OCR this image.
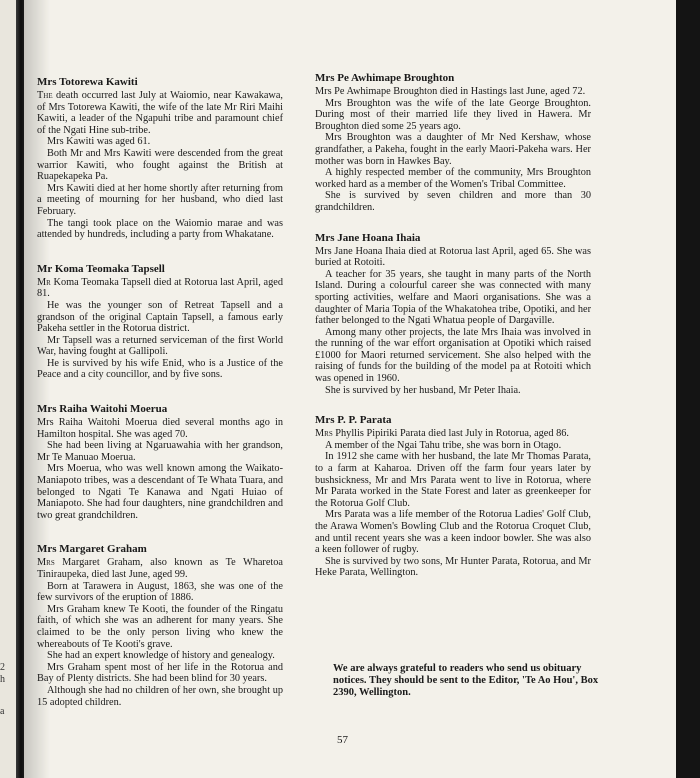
2
h
a
Mrs Totorewa Kawiti

The death occurred last July at Waiomio, near Kawakawa, of Mrs Totorewa Kawiti, the wife of the late Mr Riri Maihi Kawiti, a leader of the Ngapuhi tribe and paramount chief of the Ngati Hine sub-tribe.

Mrs Kawiti was aged 61.

Both Mr and Mrs Kawiti were descended from the great warrior Kawiti, who fought against the British at Ruapekapeka Pa.

Mrs Kawiti died at her home shortly after returning from a meeting of mourning for her husband, who died last February.

The tangi took place on the Waiomio marae and was attended by hundreds, including a party from Whakatane.

Mr Koma Teomaka Tapsell

Mr Koma Teomaka Tapsell died at Rotorua last April, aged 81.

He was the younger son of Retreat Tapsell and a grandson of the original Captain Tapsell, a famous early Pakeha settler in the Rotorua district.

Mr Tapsell was a returned serviceman of the first World War, having fought at Gallipoli.

He is survived by his wife Enid, who is a Justice of the Peace and a city councillor, and by five sons.

Mrs Raiha Waitohi Moerua

Mrs Raiha Waitohi Moerua died several months ago in Hamilton hospital. She was aged 70.

She had been living at Ngaruawahia with her grandson, Mr Te Manuao Moerua.

Mrs Moerua, who was well known among the Waikato-Maniapoto tribes, was a descendant of Te Whata Tuara, and belonged to Ngati Te Kanawa and Ngati Huiao of Maniapoto. She had four daughters, nine grandchildren and two great grandchildren.

Mrs Margaret Graham

Mrs Margaret Graham, also known as Te Wharetoa Tiniraupeka, died last June, aged 99.

Born at Tarawera in August, 1863, she was one of the few survivors of the eruption of 1886.

Mrs Graham knew Te Kooti, the founder of the Ringatu faith, of which she was an adherent for many years. She claimed to be the only person living who knew the whereabouts of Te Kooti's grave.

She had an expert knowledge of history and genealogy.

Mrs Graham spent most of her life in the Rotorua and Bay of Plenty districts. She had been blind for 30 years.

Although she had no children of her own, she brought up 15 adopted children.

Mrs Pe Awhimape Broughton

Mrs Pe Awhimape Broughton died in Hastings last June, aged 72.

Mrs Broughton was the wife of the late George Broughton. During most of their married life they lived in Hawera. Mr Broughton died some 25 years ago.

Mrs Broughton was a daughter of Mr Ned Kershaw, whose grandfather, a Pakeha, fought in the early Maori-Pakeha wars. Her mother was born in Hawkes Bay.

A highly respected member of the community, Mrs Broughton worked hard as a member of the Women's Tribal Committee.

She is survived by seven children and more than 30 grandchildren.

Mrs Jane Hoana Ihaia

Mrs Jane Hoana Ihaia died at Rotorua last April, aged 65. She was buried at Rotoiti.

A teacher for 35 years, she taught in many parts of the North Island. During a colourful career she was connected with many sporting activities, welfare and Maori organisations. She was a daughter of Maria Topia of the Whakatohea tribe, Opotiki, and her father belonged to the Ngati Whatua people of Dargaville.

Among many other projects, the late Mrs Ihaia was involved in the running of the war effort organisation at Opotiki which raised £1000 for Maori returned servicement. She also helped with the raising of funds for the building of the model pa at Rotoiti which was opened in 1960.

She is survived by her husband, Mr Peter Ihaia.

Mrs P. P. Parata

Mrs Phyllis Pipiriki Parata died last July in Rotorua, aged 86.

A member of the Ngai Tahu tribe, she was born in Otago.

In 1912 she came with her husband, the late Mr Thomas Parata, to a farm at Kaharoa. Driven off the farm four years later by bushsickness, Mr and Mrs Parata went to live in Rotorua, where Mr Parata worked in the State Forest and later as greenkeeper for the Rotorua Golf Club.

Mrs Parata was a life member of the Rotorua Ladies' Golf Club, the Arawa Women's Bowling Club and the Rotorua Croquet Club, and until recent years she was a keen indoor bowler. She was also a keen follower of rugby.

She is survived by two sons, Mr Hunter Parata, Rotorua, and Mr Heke Parata, Wellington.

We are always grateful to readers who send us obituary notices. They should be sent to the Editor, 'Te Ao Hou', Box 2390, Wellington.

57
